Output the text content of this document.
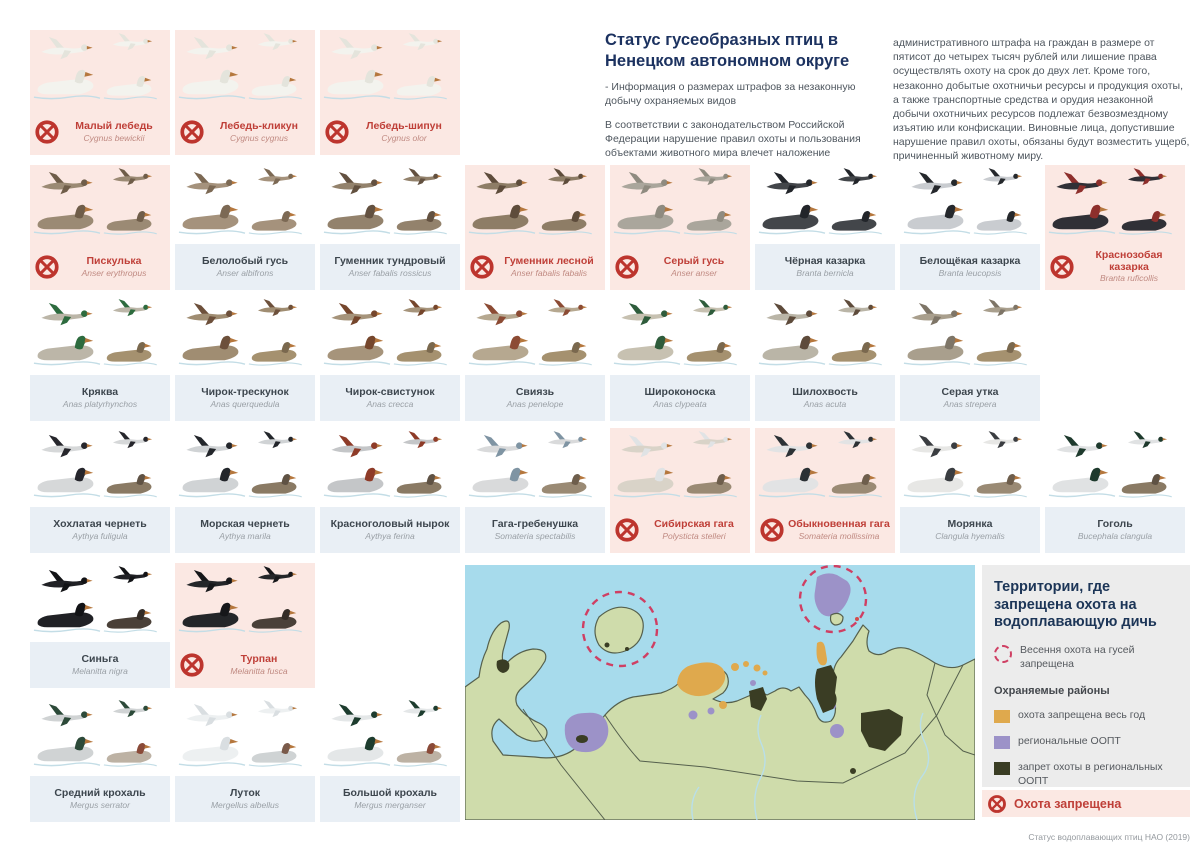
Малый лебедь
Cygnus bewickii
Лебедь-кликун
Cygnus cygnus
Лебедь-шипун
Cygnus olor
Пискулька
Anser erythropus
Белолобый гусь
Anser albifrons
Гуменник тундровый
Anser fabalis rossicus
Гуменник лесной
Anser fabalis fabalis
Серый гусь
Anser anser
Чёрная казарка
Branta bernicla
Белощёкая казарка
Branta leucopsis
Краснозобая казарка
Branta ruficollis
Кряква
Anas platyrhynchos
Чирок-трескунок
Anas querquedula
Чирок-свистунок
Anas crecca
Свиязь
Anas penelope
Широконоска
Anas clypeata
Шилохвость
Anas acuta
Серая утка
Anas strepera
Хохлатая чернеть
Aythya fuligula
Морская чернеть
Aythya marila
Красноголовый нырок
Aythya ferina
Гага-гребенушка
Somateria spectabilis
Сибирская гага
Polysticta stelleri
Обыкновенная гага
Somateria mollissima
Морянка
Clangula hyemalis
Гоголь
Bucephala clangula
Синьга
Melanitta nigra
Турпан
Melanitta fusca
Средний крохаль
Mergus serrator
Луток
Mergellus albellus
Большой крохаль
Mergus merganser
Статус гусеобразных птиц в Ненецком автономном округе

- Информация о размерах штрафов за незаконную добычу охраняемых видов

В соответствии с законодательством Российской Федерации нарушение правил охоты и пользования объектами животного мира влечет наложение

административного штрафа на граждан в размере от пятисот до четырех тысяч рублей или лишение права осуществлять охоту на срок до двух лет. Кроме того, незаконно добытые охотничьи ресурсы и продукция охоты, а также транспортные средства и орудия незаконной добычи охотничьих ресурсов подлежат безвозмездному изъятию или конфискации. Виновные лица, допустившие нарушение правил охоты, обязаны будут возместить ущерб, причиненный животному миру.

Территории, где запрещена охота на водоплавающую дичь
Весення охота на гусей запрещена
Охраняемые районы
охота запрещена весь год
региональные ООПТ
запрет охоты в региональных ООПТ
Охота запрещена
Статус водоплавающих птиц НАО (2019)
